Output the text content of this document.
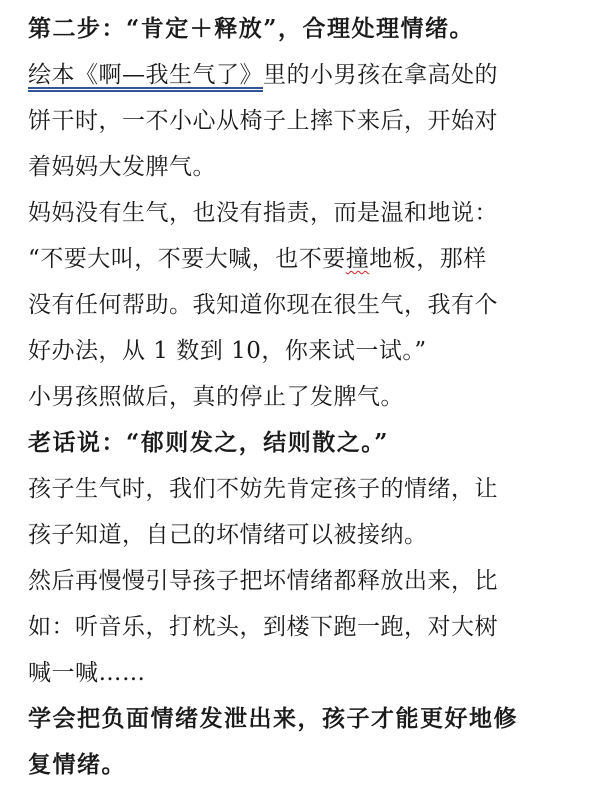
第二步：“肯定＋释放”，合理处理情绪。
绘本《啊—我生气了》里的小男孩在拿高处的
饼干时，一不小心从椅子上摔下来后，开始对
着妈妈大发脾气。
妈妈没有生气，也没有指责，而是温和地说：
“不要大叫，不要大喊，也不要撞地板，那样
没有任何帮助。我知道你现在很生气，我有个
好办法，从 1 数到 10，你来试一试。”
小男孩照做后，真的停止了发脾气。
老话说：“郁则发之，结则散之。”
孩子生气时，我们不妨先肯定孩子的情绪，让
孩子知道，自己的坏情绪可以被接纳。
然后再慢慢引导孩子把坏情绪都释放出来，比
如：听音乐，打枕头，到楼下跑一跑，对大树
喊一喊……
学会把负面情绪发泄出来，孩子才能更好地修
复情绪。
